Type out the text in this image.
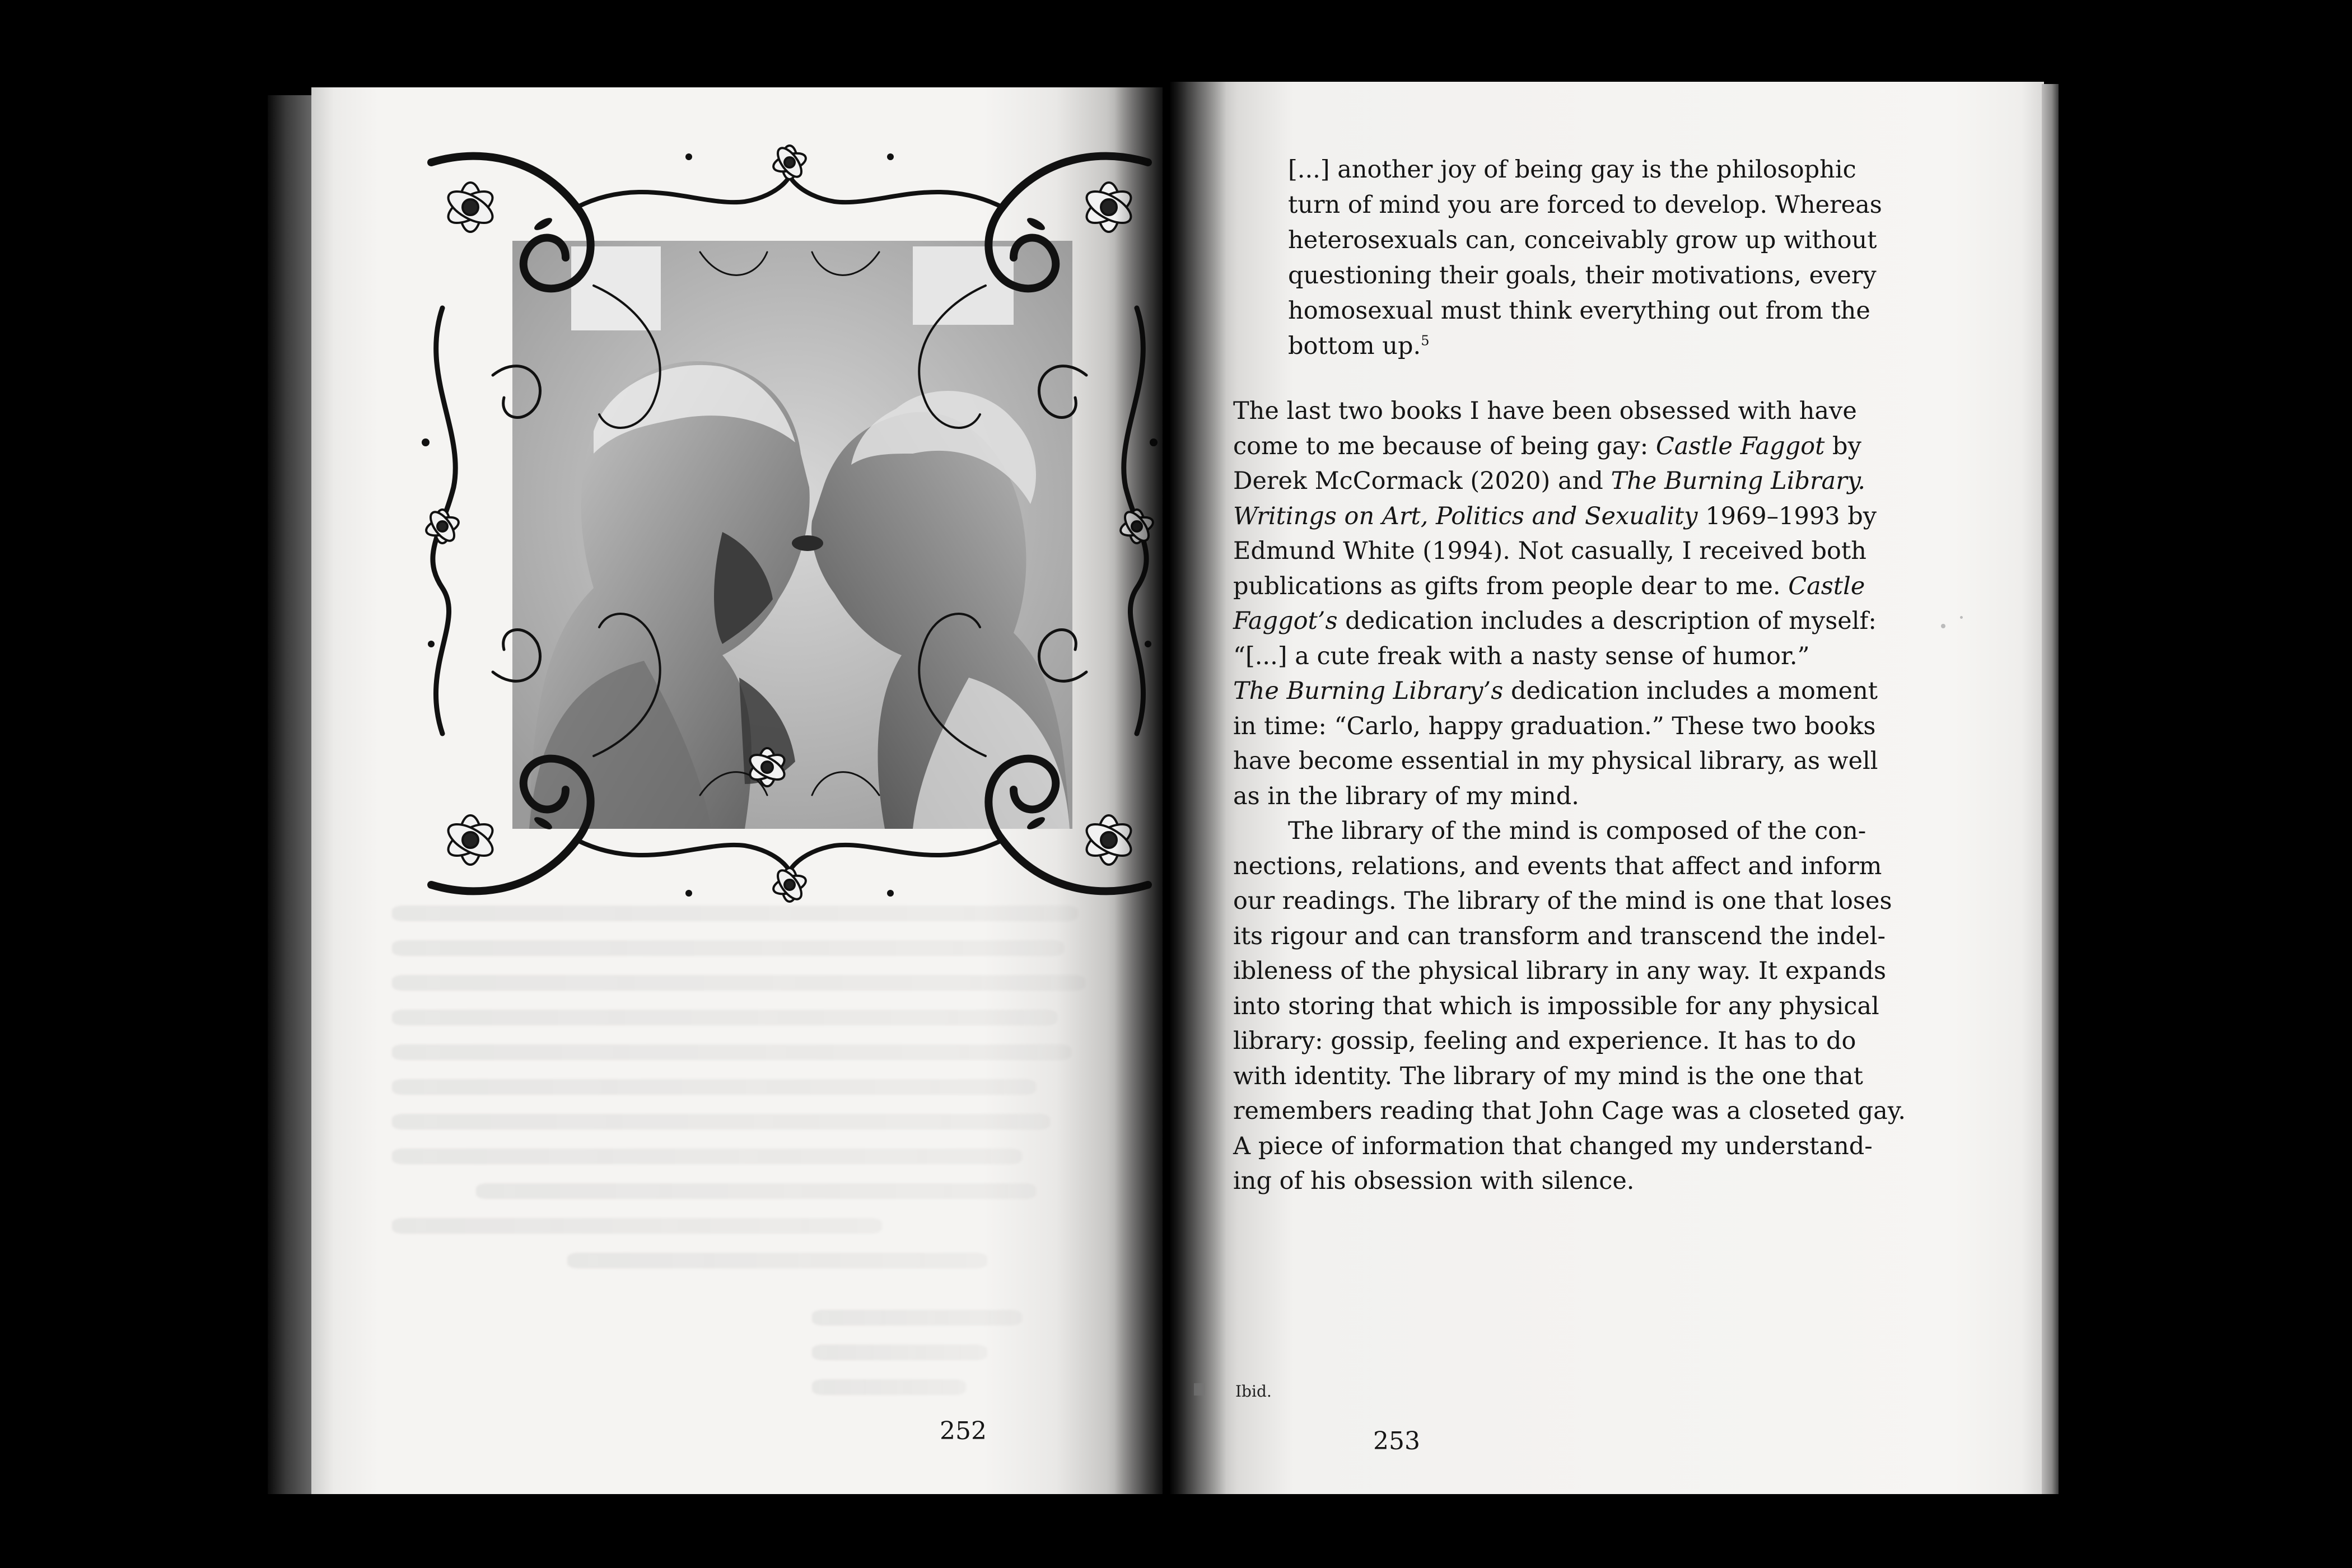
252
[...] another joy of being gay is the philosophic
turn of mind you are forced to develop. Whereas
heterosexuals can, conceivably grow up without
questioning their goals, their motivations, every
homosexual must think everything out from the
bottom up.$^5$
The last two books I have been obsessed with have
come to me because of being gay: Castle Faggot by
Derek McCormack (2020) and The Burning Library.
Writings on Art, Politics and Sexuality 1969–1993 by
Edmund White (1994). Not casually, I received both
publications as gifts from people dear to me. Castle
Faggot’s dedication includes a description of myself:
“[...] a cute freak with a nasty sense of humor.”
The Burning Library’s dedication includes a moment
in time: “Carlo, happy graduation.” These two books
have become essential in my physical library, as well
as in the library of my mind.
The library of the mind is composed of the con-
nections, relations, and events that affect and inform
our readings. The library of the mind is one that loses
its rigour and can transform and transcend the indel-
ibleness of the physical library in any way. It expands
into storing that which is impossible for any physical
library: gossip, feeling and experience. It has to do
with identity. The library of my mind is the one that
remembers reading that John Cage was a closeted gay.
A piece of information that changed my understand-
ing of his obsession with silence.
Ibid.
253
